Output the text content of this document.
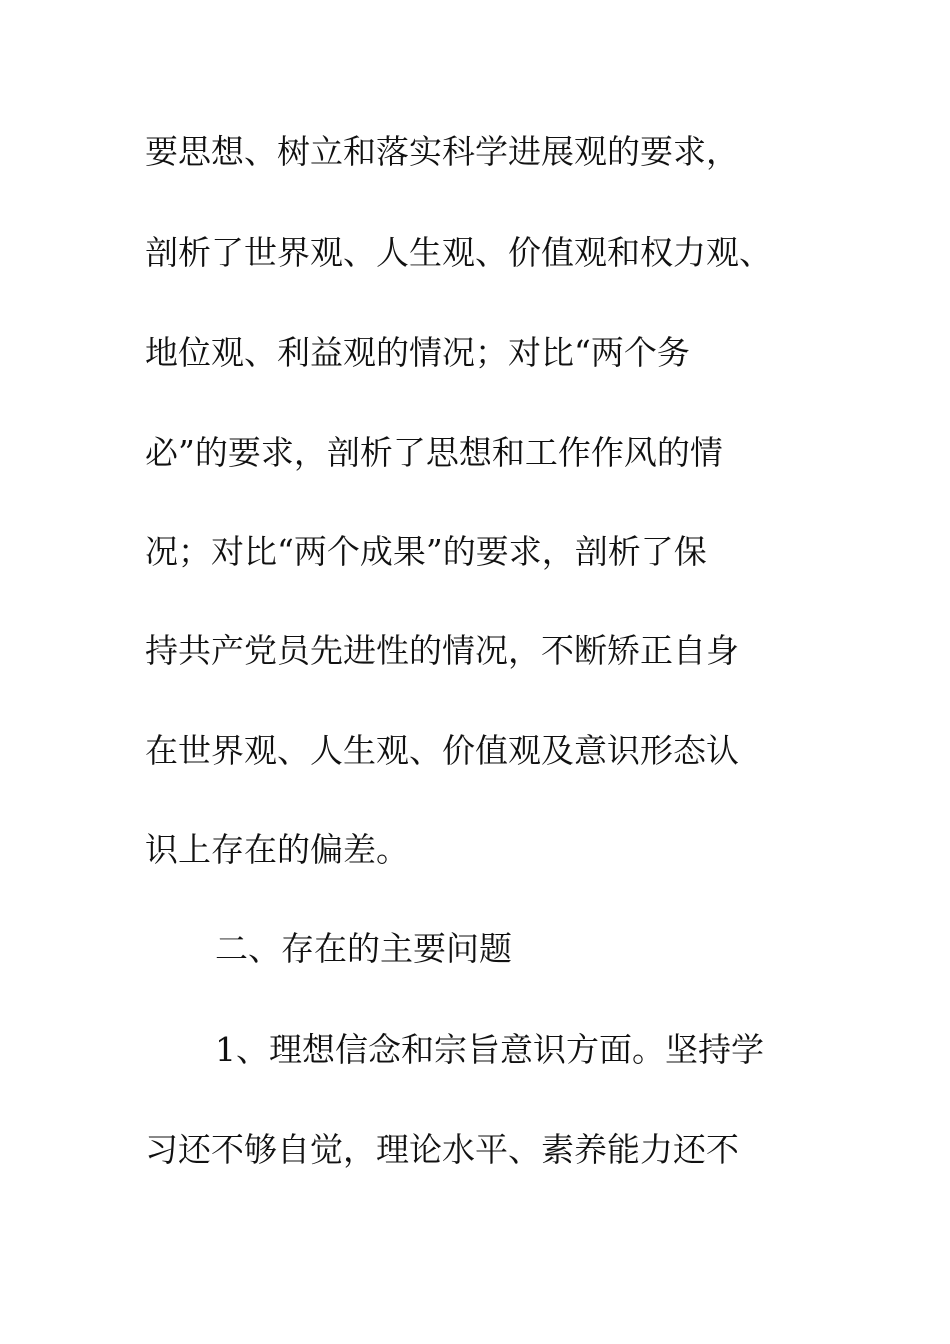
要思想、树立和落实科学进展观的要求，
剖析了世界观、人生观、价值观和权力观、
地位观、利益观的情况；对比“两个务
必”的要求，剖析了思想和工作作风的情
况；对比“两个成果”的要求，剖析了保
持共产党员先进性的情况，不断矫正自身
在世界观、人生观、价值观及意识形态认
识上存在的偏差。
二、存在的主要问题
1、理想信念和宗旨意识方面。坚持学
习还不够自觉，理论水平、素养能力还不
